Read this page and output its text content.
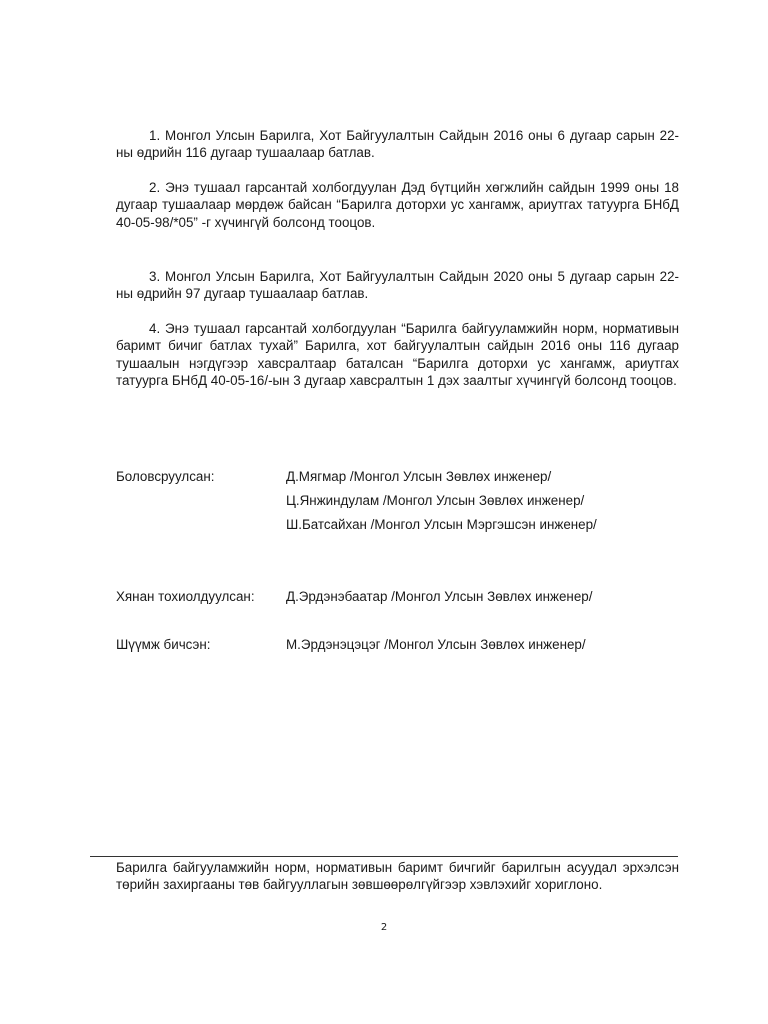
1. Монгол Улсын Барилга, Хот Байгуулалтын Сайдын 2016 оны 6 дугаар сарын 22-ны өдрийн 116 дугаар тушаалаар батлав.

2. Энэ тушаал гарсантай холбогдуулан Дэд бүтцийн хөгжлийн сайдын 1999 оны 18 дугаар тушаалаар мөрдөж байсан “Барилга доторхи ус хангамж, ариутгах татуурга БНбД 40-05-98/*05” -г хүчингүй болсонд тооцов.

3. Монгол Улсын Барилга, Хот Байгуулалтын Сайдын 2020 оны 5 дугаар сарын 22-ны өдрийн 97 дугаар тушаалаар батлав.

4. Энэ тушаал гарсантай холбогдуулан “Барилга байгууламжийн норм, нормативын баримт бичиг батлах тухай” Барилга, хот байгуулалтын сайдын 2016 оны 116 дугаар тушаалын нэгдүгээр хавсралтаар баталсан “Барилга доторхи ус хангамж, ариутгах татуурга БНбД 40-05-16/-ын 3 дугаар хавсралтын 1 дэх заалтыг хүчингүй болсонд тооцов.

Боловсруулсан:	Д.Мягмар /Монгол Улсын Зөвлөх инженер/
Ц.Янжиндулам /Монгол Улсын Зөвлөх инженер/
Ш.Батсайхан /Монгол Улсын Мэргэшсэн инженер/
Хянан тохиолдуулсан: Д.Эрдэнэбаатар /Монгол Улсын Зөвлөх инженер/
Шүүмж бичсэн:	М.Эрдэнэцэцэг /Монгол Улсын Зөвлөх инженер/

Барилга байгууламжийн норм, нормативын баримт бичгийг барилгын асуудал эрхэлсэн төрийн захиргааны төв байгууллагын зөвшөөрөлгүйгээр хэвлэхийг хориглоно.

2
